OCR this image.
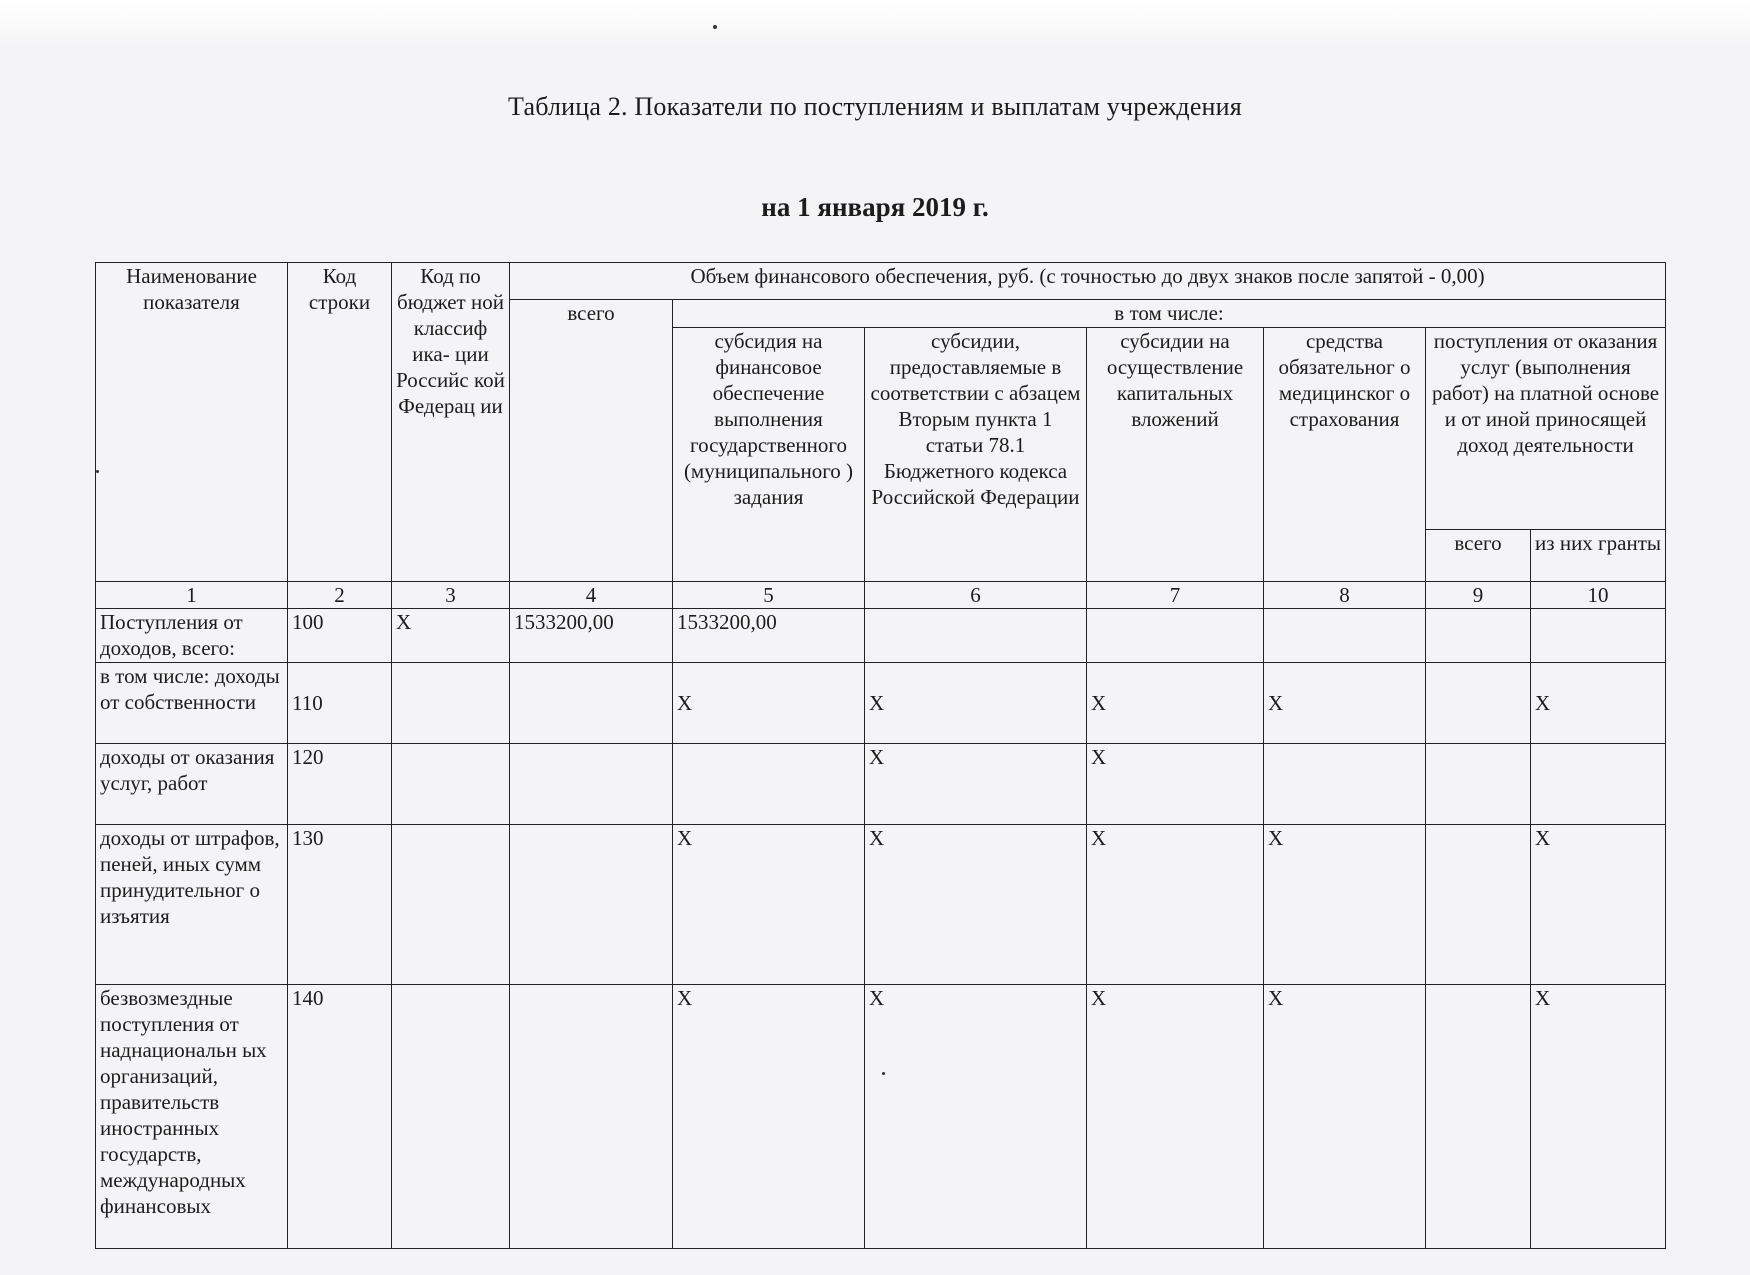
Таблица 2. Показатели по поступлениям и выплатам учреждения
на 1 января 2019 г.
Наименование показателя	Код строки	Код по бюджет ной классиф ика- ции Российс кой Федерац ии	Объем финансового обеспечения, руб. (с точностью до двух знаков после запятой - 0,00)						
			всего	в том числе:					
				субсидия на финансовое обеспечение выполнения государственного (муниципального ) задания	субсидии, предоставляемые в соответствии с абзацем Вторым пункта 1 статьи 78.1 Бюджетного кодекса Российской Федерации	субсидии на осуществление капитальных вложений	средства обязательног о медицинског о страхования	поступления от оказания услуг (выполнения работ) на платной основе и от иной приносящей доход деятельности	
								всего	из них гранты
1	2	3	4	5	6	7	8	9	10
Поступления от доходов, всего:	100	Х	1533200,00	1533200,00					
в том числе: доходы от собственности	110			Х	Х	Х	Х		Х
доходы от оказания услуг, работ	120				Х	Х			
доходы от штрафов, пеней, иных сумм принудительног о изъятия	130			Х	Х	Х	Х		Х
безвозмездные поступления от наднациональн ых организаций, правительств иностранных государств, международных финансовых	140			Х	Х	Х	Х		Х
